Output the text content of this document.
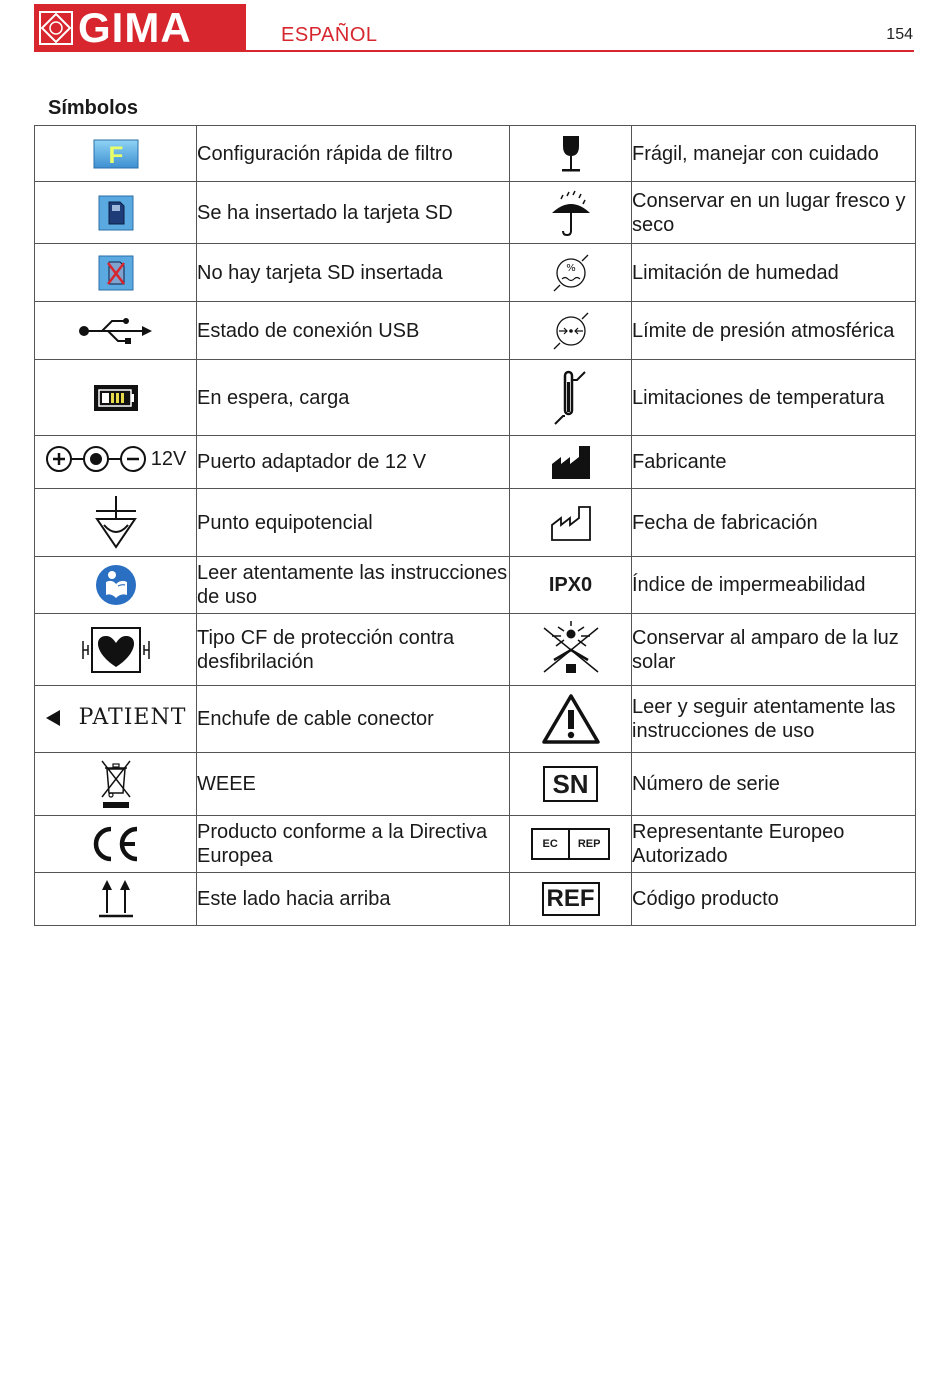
GIMA	ESPAÑOL	154
Símbolos
F	Configuración rápida de filtro		Frágil, manejar con cuidado

	Se ha insertado la tarjeta SD		Conservar en un lugar fresco y seco

	No hay tarjeta SD insertada	%	Limitación de humedad

	Estado de conexión USB		Límite de presión atmosférica

	En espera, carga		Limitaciones de temperatura

12V	Puerto adaptador de 12 V		Fabricante

	Punto equipotencial		Fecha de fabricación

	Leer atentamente las instrucciones de uso	IPX0	Índice de impermeabilidad

	Tipo CF de protección contra desfibrilación		Conservar al amparo de la luz solar

PATIENT	Enchufe de cable conector		Leer y seguir atentamente las instrucciones de uso

	WEEE	SN	Número de serie

	Producto conforme a la Directiva Europea	EC REP	Representante Europeo Autorizado

	Este lado hacia arriba	REF	Código producto
